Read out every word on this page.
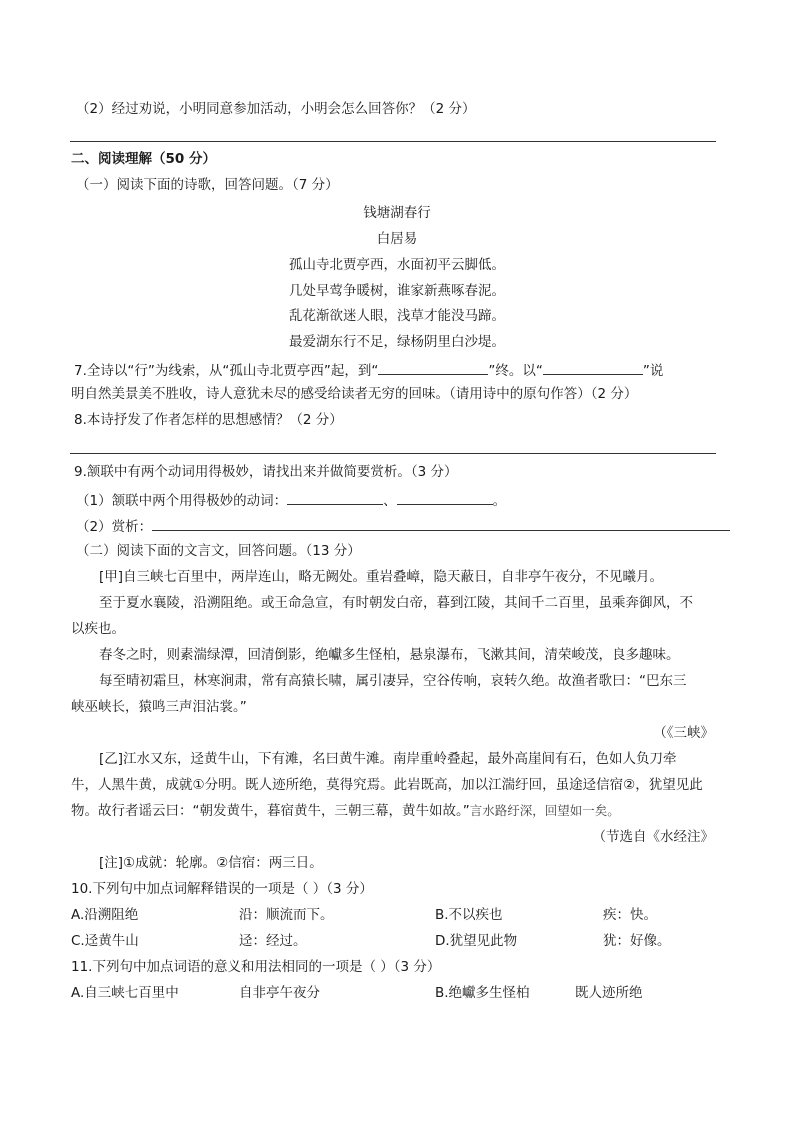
（2）经过劝说，小明同意参加活动，小明会怎么回答你？（2 分）
二、阅读理解（50 分）
（一）阅读下面的诗歌，回答问题。（7 分）
钱塘湖春行
白居易
孤山寺北贾亭西，水面初平云脚低。
几处早莺争暖树，谁家新燕啄春泥。
乱花渐欲迷人眼，浅草才能没马蹄。
最爱湖东行不足，绿杨阴里白沙堤。
7.全诗以“行”为线索，从“孤山寺北贾亭西”起，到“	”终。以“	”说
明自然美景美不胜收，诗人意犹未尽的感受给读者无穷的回味。（请用诗中的原句作答）（2 分）
8.本诗抒发了作者怎样的思想感情？（2 分）
9.颔联中有两个动词用得极妙，请找出来并做简要赏析。（3 分）
（1）颔联中两个用得极妙的动词：	、	。
（2）赏析：
（二）阅读下面的文言文，回答问题。（13 分）
[甲]自三峡七百里中，两岸连山，略无阙处。重岩叠嶂，隐天蔽日，自非亭午夜分，不见曦月。
至于夏水襄陵，沿溯阻绝。或王命急宣，有时朝发白帝，暮到江陵，其间千二百里，虽乘奔御风，不
以疾也。
春冬之时，则素湍绿潭，回清倒影，绝巘多生怪柏，悬泉瀑布，飞漱其间，清荣峻茂，良多趣味。
每至晴初霜旦，林寒涧肃，常有高猿长啸，属引凄异，空谷传响，哀转久绝。故渔者歌曰：“巴东三
峡巫峡长，猿鸣三声泪沾裳。”
（《三峡》
[乙]江水又东，迳黄牛山，下有滩，名曰黄牛滩。南岸重岭叠起，最外高崖间有石，色如人负刀牵
牛，人黑牛黄，成就①分明。既人迹所绝，莫得究焉。此岩既高，加以江湍纡回，虽途迳信宿②，犹望见此
物。故行者谣云曰：“朝发黄牛，暮宿黄牛，三朝三幕，黄牛如故。”言水路纡深，回望如一矣。
（节选自《水经注》
[注]①成就：轮廓。②信宿：两三日。
10.下列句中加点词解释错误的一项是（ ）（3 分）
A.沿溯阻绝	沿：顺流而下。	B.不以疾也	疾：快。
C.迳黄牛山	迳：经过。	D.犹望见此物	犹：好像。
11.下列句中加点词语的意义和用法相同的一项是（ ）（3 分）
A.自三峡七百里中	自非亭午夜分	B.绝巘多生怪柏	既人迹所绝
